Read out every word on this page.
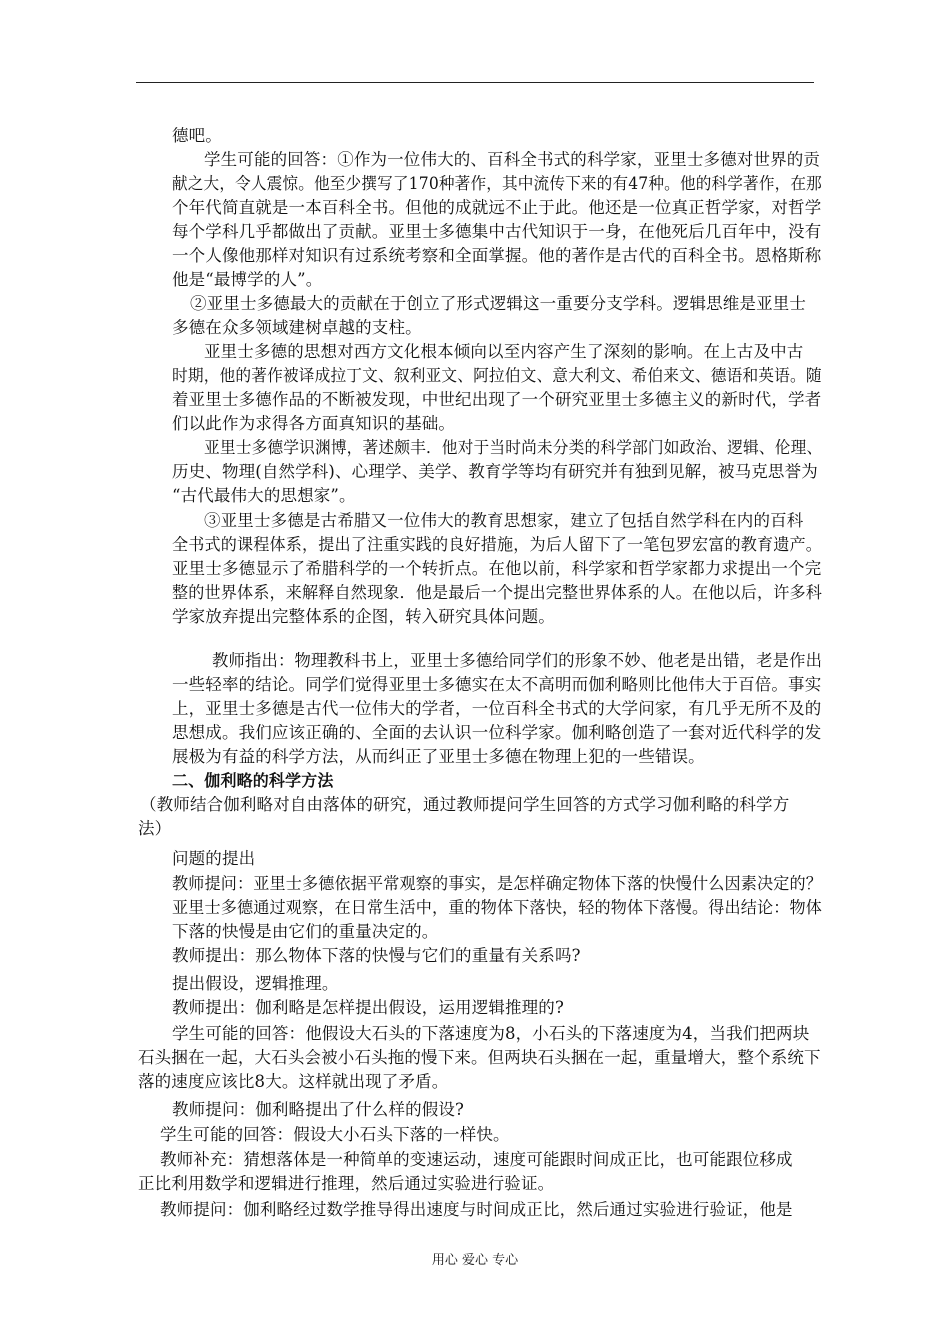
德吧。
学生可能的回答：①作为一位伟大的、百科全书式的科学家，亚里士多德对世界的贡
献之大，令人震惊。他至少撰写了170种著作，其中流传下来的有47种。他的科学著作，在那
个年代简直就是一本百科全书。但他的成就远不止于此。他还是一位真正哲学家，对哲学
每个学科几乎都做出了贡献。亚里士多德集中古代知识于一身，在他死后几百年中，没有
一个人像他那样对知识有过系统考察和全面掌握。他的著作是古代的百科全书。恩格斯称
他是“最博学的人”。
②亚里士多德最大的贡献在于创立了形式逻辑这一重要分支学科。逻辑思维是亚里士
多德在众多领域建树卓越的支柱。
亚里士多德的思想对西方文化根本倾向以至内容产生了深刻的影响。在上古及中古
时期，他的著作被译成拉丁文、叙利亚文、阿拉伯文、意大利文、希伯来文、德语和英语。随
着亚里士多德作品的不断被发现，中世纪出现了一个研究亚里士多德主义的新时代，学者
们以此作为求得各方面真知识的基础。
亚里士多德学识渊博，著述颇丰．他对于当时尚未分类的科学部门如政治、逻辑、伦理、
历史、物理(自然学科)、心理学、美学、教育学等均有研究并有独到见解，被马克思誉为
“古代最伟大的思想家”。
③亚里士多德是古希腊又一位伟大的教育思想家，建立了包括自然学科在内的百科
全书式的课程体系，提出了注重实践的良好措施，为后人留下了一笔包罗宏富的教育遗产。
亚里士多德显示了希腊科学的一个转折点。在他以前，科学家和哲学家都力求提出一个完
整的世界体系，来解释自然现象．他是最后一个提出完整世界体系的人。在他以后，许多科
学家放弃提出完整体系的企图，转入研究具体问题。
教师指出：物理教科书上，亚里士多德给同学们的形象不妙、他老是出错，老是作出
一些轻率的结论。同学们觉得亚里士多德实在太不高明而伽利略则比他伟大于百倍。事实
上，亚里士多德是古代一位伟大的学者，一位百科全书式的大学问家，有几乎无所不及的
思想成。我们应该正确的、全面的去认识一位科学家。伽利略创造了一套对近代科学的发
展极为有益的科学方法，从而纠正了亚里士多德在物理上犯的一些错误。
二、伽利略的科学方法
（教师结合伽利略对自由落体的研究，通过教师提问学生回答的方式学习伽利略的科学方
法）
问题的提出
教师提问：亚里士多德依据平常观察的事实，是怎样确定物体下落的快慢什么因素决定的？
亚里士多德通过观察，在日常生活中，重的物体下落快，轻的物体下落慢。得出结论：物体
下落的快慢是由它们的重量决定的。
教师提出：那么物体下落的快慢与它们的重量有关系吗?
提出假设，逻辑推理。
教师提出：伽利略是怎样提出假设，运用逻辑推理的?
学生可能的回答：他假设大石头的下落速度为8，小石头的下落速度为4，当我们把两块
石头捆在一起，大石头会被小石头拖的慢下来。但两块石头捆在一起，重量增大，整个系统下
落的速度应该比8大。这样就出现了矛盾。
教师提问：伽利略提出了什么样的假设?
学生可能的回答：假设大小石头下落的一样快。
教师补充：猜想落体是一种简单的变速运动，速度可能跟时间成正比，也可能跟位移成
正比利用数学和逻辑进行推理，然后通过实验进行验证。
教师提问：伽利略经过数学推导得出速度与时间成正比，然后通过实验进行验证，他是
用心 爱心 专心
